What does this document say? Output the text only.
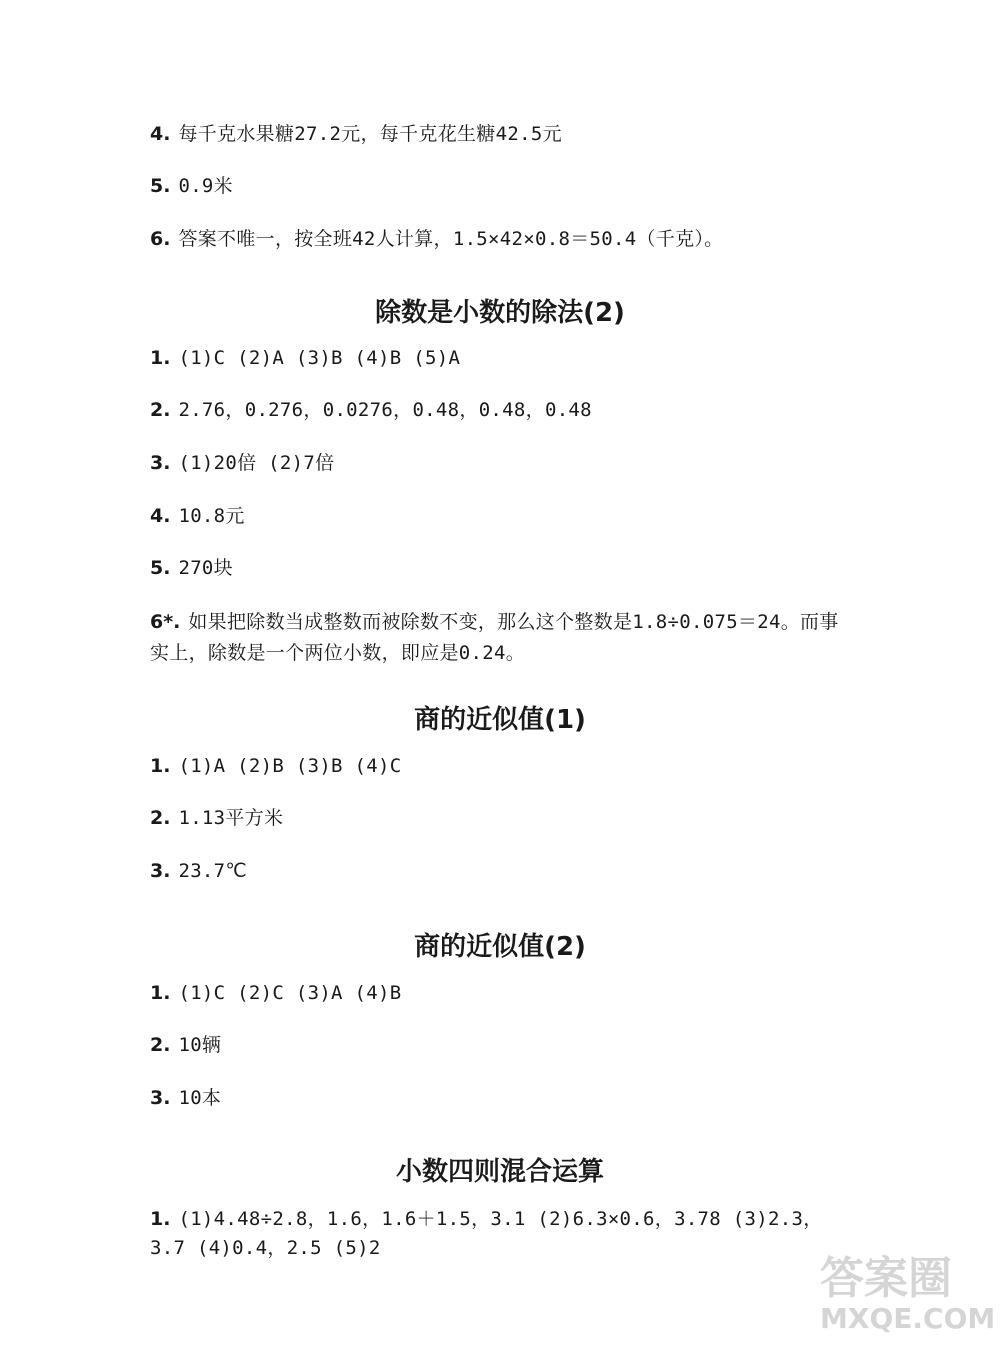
4. 每千克水果糖27.2元，每千克花生糖42.5元
5. 0.9米
6. 答案不唯一，按全班42人计算，1.5×42×0.8＝50.4（千克）。
除数是小数的除法(2)
1. (1)C (2)A (3)B (4)B (5)A
2. 2.76，0.276，0.0276，0.48，0.48，0.48
3. (1)20倍 (2)7倍
4. 10.8元
5. 270块
6*. 如果把除数当成整数而被除数不变，那么这个整数是1.8÷0.075＝24。而事实上，除数是一个两位小数，即应是0.24。
商的近似值(1)
1. (1)A (2)B (3)B (4)C
2. 1.13平方米
3. 23.7℃
商的近似值(2)
1. (1)C (2)C (3)A (4)B
2. 10辆
3. 10本
小数四则混合运算
1. (1)4.48÷2.8，1.6，1.6＋1.5，3.1 (2)6.3×0.6，3.78 (3)2.3，3.7 (4)0.4，2.5 (5)2
答案圈
MXQE.COM
